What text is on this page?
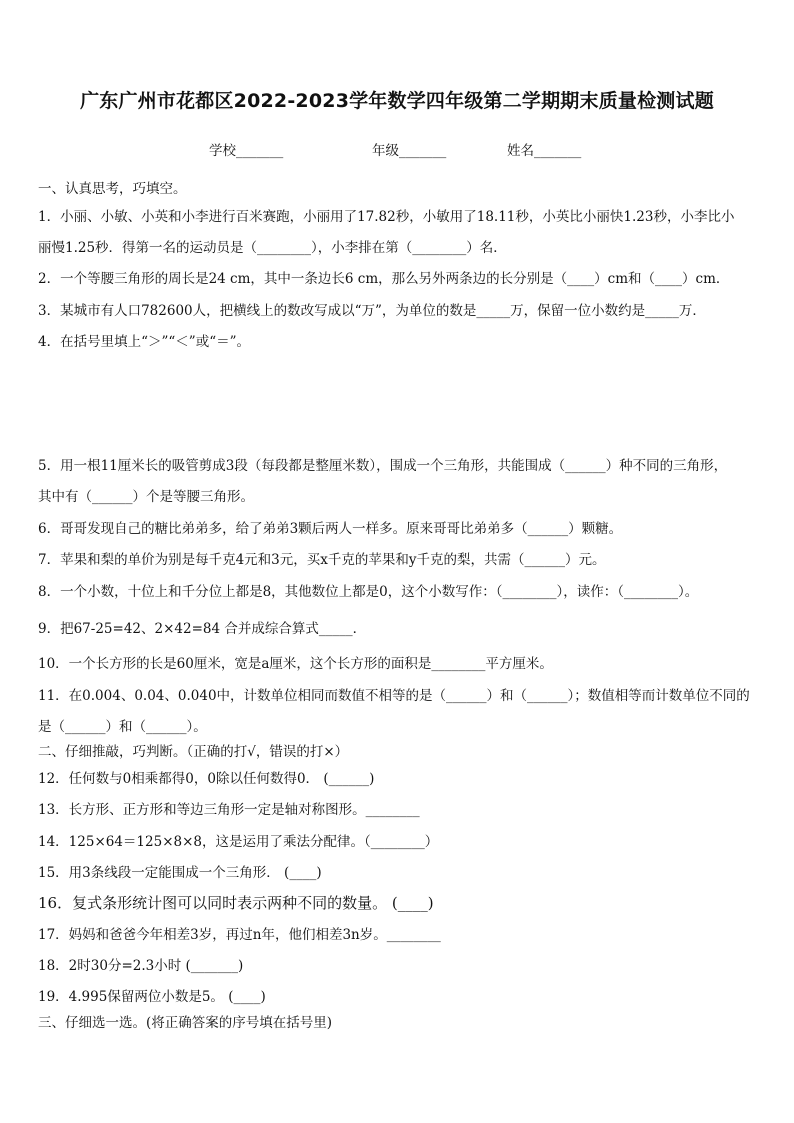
广东广州市花都区2022-2023学年数学四年级第二学期期末质量检测试题
学校_______	年级_______	姓名_______
一、认真思考，巧填空。
1．小丽、小敏、小英和小李进行百米赛跑，小丽用了17.82秒，小敏用了18.11秒，小英比小丽快1.23秒，小李比小
丽慢1.25秒．得第一名的运动员是（________），小李排在第（________）名．
2．一个等腰三角形的周长是24 cm，其中一条边长6 cm，那么另外两条边的长分别是（____）cm和（____）cm．
3．某城市有人口782600人，把横线上的数改写成以“万”，为单位的数是_____万，保留一位小数约是_____万．
4．在括号里填上“＞”“＜”或“＝”。
5．用一根11厘米长的吸管剪成3段（每段都是整厘米数），围成一个三角形，共能围成（______）种不同的三角形，
其中有（______）个是等腰三角形。
6．哥哥发现自己的糖比弟弟多，给了弟弟3颗后两人一样多。原来哥哥比弟弟多（______）颗糖。
7．苹果和梨的单价为别是每千克4元和3元，买x千克的苹果和y千克的梨，共需（______）元。
8．一个小数，十位上和千分位上都是8，其他数位上都是0，这个小数写作：（________），读作：（________）。
9．把67-25=42、2×42=84 合并成综合算式_____．
10．一个长方形的长是60厘米，宽是a厘米，这个长方形的面积是________平方厘米。
11．在0.004、0.04、0.040中，计数单位相同而数值不相等的是（______）和（______）；数值相等而计数单位不同的
是（______）和（______）。
二、仔细推敲，巧判断。（正确的打√，错误的打×）
12．任何数与0相乘都得0，0除以任何数得0． (______)
13．长方形、正方形和等边三角形一定是轴对称图形。________
14．125×64＝125×8×8，这是运用了乘法分配律。（________）
15．用3条线段一定能围成一个三角形． (____)
16．复式条形统计图可以同时表示两种不同的数量。 (____)
17．妈妈和爸爸今年相差3岁，再过n年，他们相差3n岁。________
18．2时30分=2.3小时 (_______)
19．4.995保留两位小数是5。 (____)
三、仔细选一选。(将正确答案的序号填在括号里)
